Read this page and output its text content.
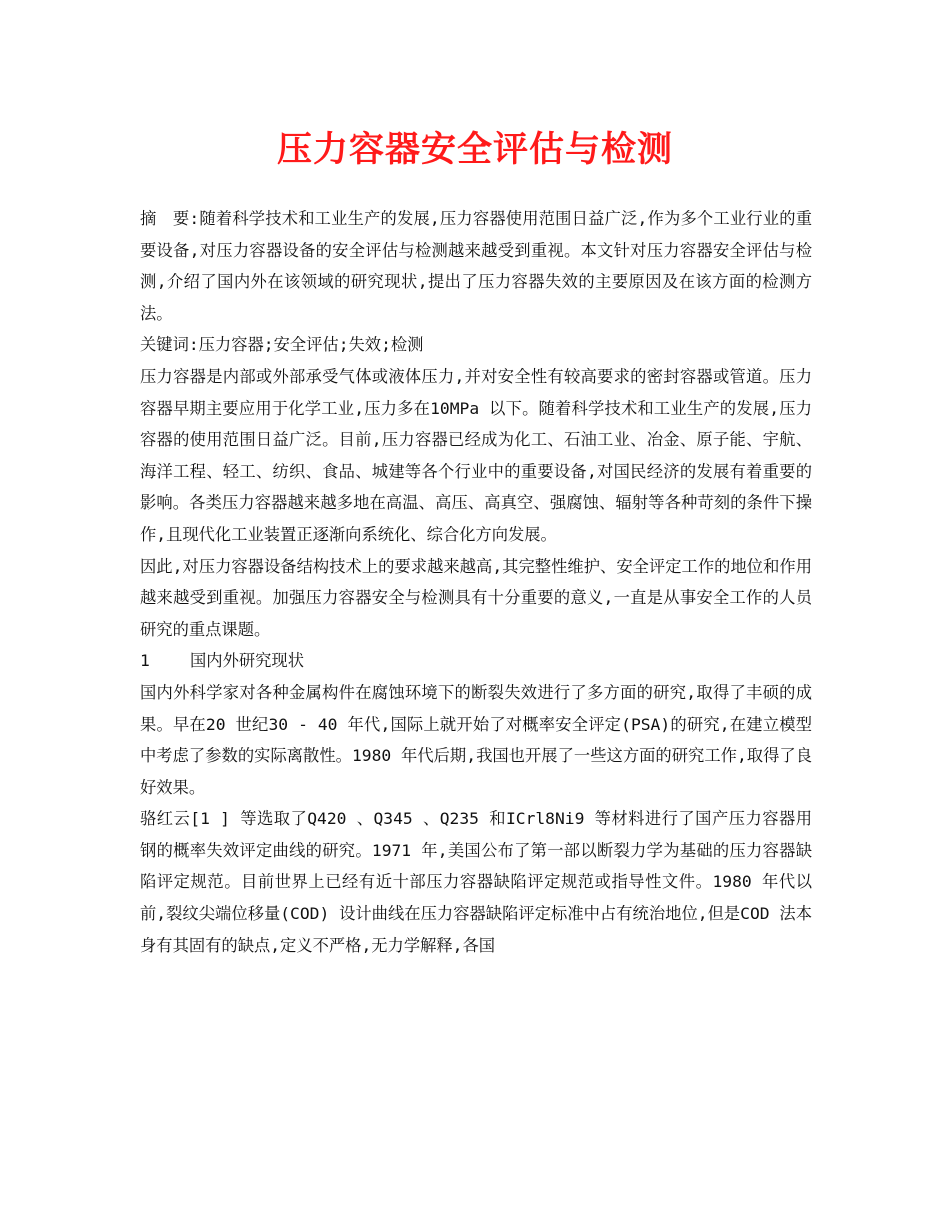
压力容器安全评估与检测

摘　要:随着科学技术和工业生产的发展,压力容器使用范围日益广泛,作为多个工业行业的重要设备,对压力容器设备的安全评估与检测越来越受到重视。本文针对压力容器安全评估与检测,介绍了国内外在该领域的研究现状,提出了压力容器失效的主要原因及在该方面的检测方法。

关键词:压力容器;安全评估;失效;检测

压力容器是内部或外部承受气体或液体压力,并对安全性有较高要求的密封容器或管道。压力容器早期主要应用于化学工业,压力多在10MPa 以下。随着科学技术和工业生产的发展,压力容器的使用范围日益广泛。目前,压力容器已经成为化工、石油工业、冶金、原子能、宇航、海洋工程、轻工、纺织、食品、城建等各个行业中的重要设备,对国民经济的发展有着重要的影响。各类压力容器越来越多地在高温、高压、高真空、强腐蚀、辐射等各种苛刻的条件下操作,且现代化工业装置正逐渐向系统化、综合化方向发展。

因此,对压力容器设备结构技术上的要求越来越高,其完整性维护、安全评定工作的地位和作用越来越受到重视。加强压力容器安全与检测具有十分重要的意义,一直是从事安全工作的人员研究的重点课题。

1 国内外研究现状

国内外科学家对各种金属构件在腐蚀环境下的断裂失效进行了多方面的研究,取得了丰硕的成果。早在20 世纪30 - 40 年代,国际上就开始了对概率安全评定(PSA)的研究,在建立模型中考虑了参数的实际离散性。1980 年代后期,我国也开展了一些这方面的研究工作,取得了良好效果。

骆红云[1 ] 等选取了Q420 、Q345 、Q235 和ICrl8Ni9 等材料进行了国产压力容器用钢的概率失效评定曲线的研究。1971 年,美国公布了第一部以断裂力学为基础的压力容器缺陷评定规范。目前世界上已经有近十部压力容器缺陷评定规范或指导性文件。1980 年代以前,裂纹尖端位移量(COD) 设计曲线在压力容器缺陷评定标准中占有统治地位,但是COD 法本身有其固有的缺点,定义不严格,无力学解释,各国
